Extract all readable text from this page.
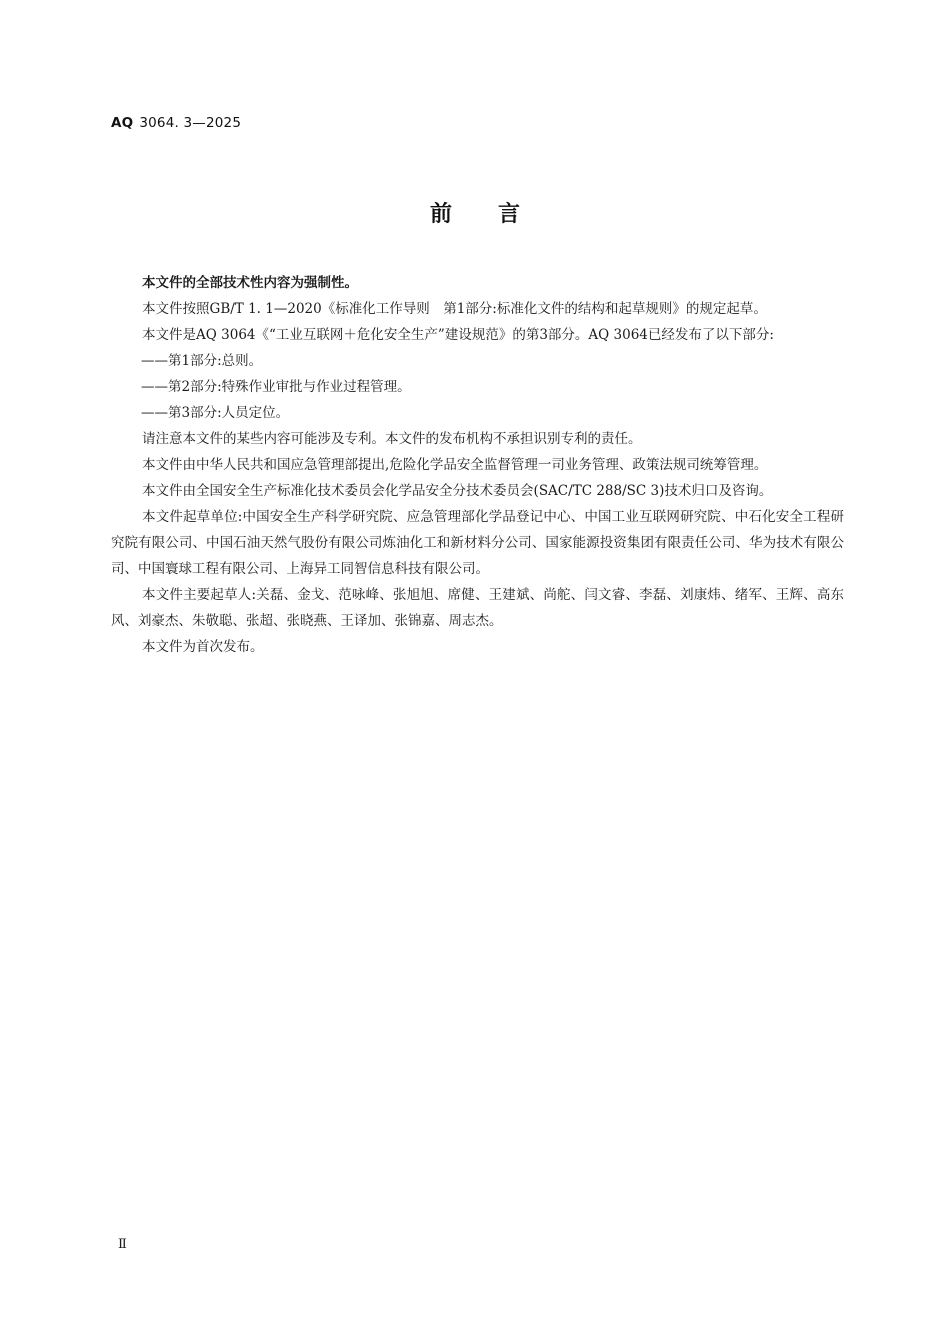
AQ 3064. 3—2025
前言

本文件的全部技术性内容为强制性。

本文件按照GB/T 1. 1—2020《标准化工作导则　第1部分:标准化文件的结构和起草规则》的规定起草。

本文件是AQ 3064《“工业互联网＋危化安全生产”建设规范》的第3部分。AQ 3064已经发布了以下部分:

——第1部分:总则。

——第2部分:特殊作业审批与作业过程管理。

——第3部分:人员定位。

请注意本文件的某些内容可能涉及专利。本文件的发布机构不承担识别专利的责任。

本文件由中华人民共和国应急管理部提出,危险化学品安全监督管理一司业务管理、政策法规司统筹管理。

本文件由全国安全生产标准化技术委员会化学品安全分技术委员会(SAC/TC 288/SC 3)技术归口及咨询。

本文件起草单位:中国安全生产科学研究院、应急管理部化学品登记中心、中国工业互联网研究院、中石化安全工程研究院有限公司、中国石油天然气股份有限公司炼油化工和新材料分公司、国家能源投资集团有限责任公司、华为技术有限公司、中国寰球工程有限公司、上海异工同智信息科技有限公司。

本文件主要起草人:关磊、金戈、范咏峰、张旭旭、席健、王建斌、尚舵、闫文睿、李磊、刘康炜、绪军、王辉、高东风、刘豪杰、朱敬聪、张超、张晓燕、王译加、张锦嘉、周志杰。

本文件为首次发布。

Ⅱ
